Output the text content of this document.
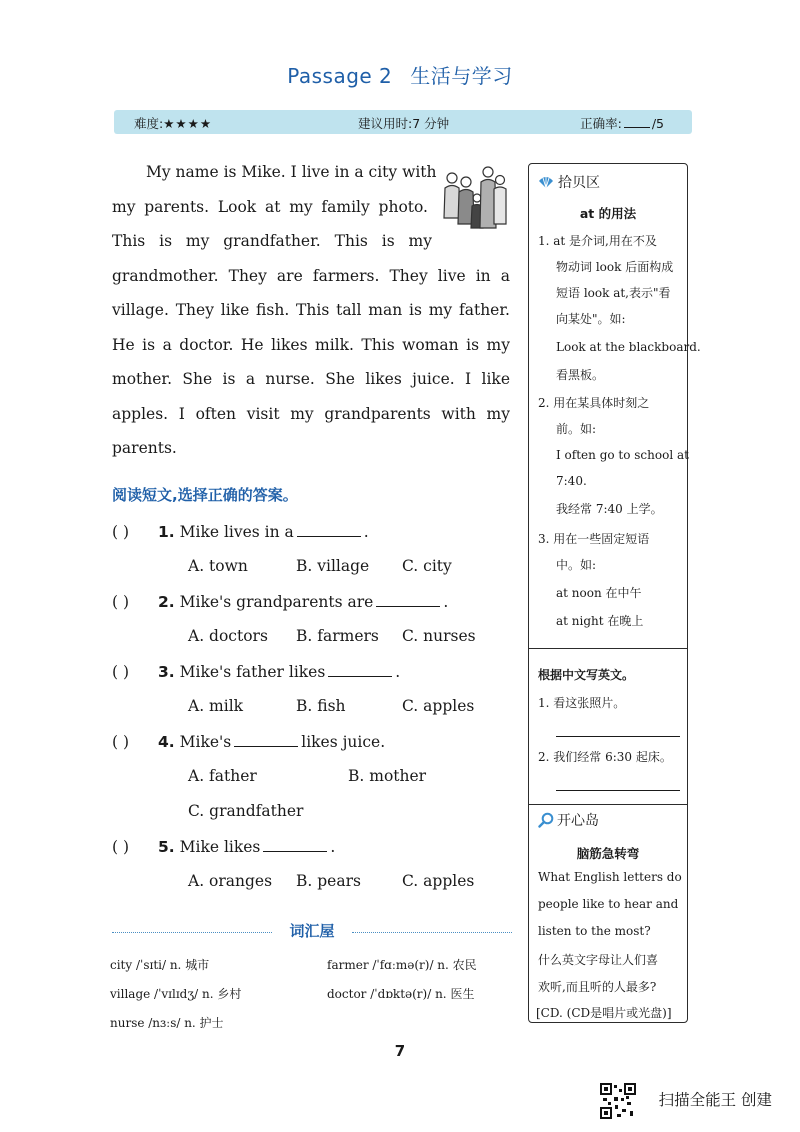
Passage 2 生活与学习
难度:★★★★	建议用时:7 分钟	正确率: /5
My name is Mike. I live in a city with
my parents. Look at my family photo.
This is my grandfather. This is my
grandmother. They are farmers. They live in a
village. They like fish. This tall man is my father.
He is a doctor. He likes milk. This woman is my
mother. She is a nurse. She likes juice. I like
apples. I often visit my grandparents with my
parents.
阅读短文,选择正确的答案。
( ) 1. Mike lives in a	.
A. town	B. village C. city
( ) 2. Mike's grandparents are	.
A. doctors B. farmers C. nurses
( ) 3. Mike's father likes	.
A. milk	B. fish	C. apples
( ) 4. Mike's	likes juice.
A. father	B. mother
C. grandfather
( ) 5. Mike likes	.
A. oranges B. pears	C. apples
词汇屋
city /ˈsɪti/ n. 城市	farmer /ˈfɑːmə(r)/ n. 农民
village /ˈvɪlɪdʒ/ n. 乡村	doctor /ˈdɒktə(r)/ n. 医生
nurse /nɜːs/ n. 护士
7
拾贝区
at 的用法
1. at 是介词,用在不及
物动词 look 后面构成
短语 look at,表示"看
向某处"。如:
Look at the blackboard.
看黑板。
2. 用在某具体时刻之
前。如:
I often go to school at
7:40.
我经常 7:40 上学。
3. 用在一些固定短语
中。如:
at noon 在中午
at night 在晚上
根据中文写英文。
1. 看这张照片。
2. 我们经常 6:30 起床。
开心岛
脑筋急转弯
What English letters do
people like to hear and
listen to the most?
什么英文字母让人们喜
欢听,而且听的人最多?
[CD. (CD是唱片或光盘)]
扫描全能王 创建
